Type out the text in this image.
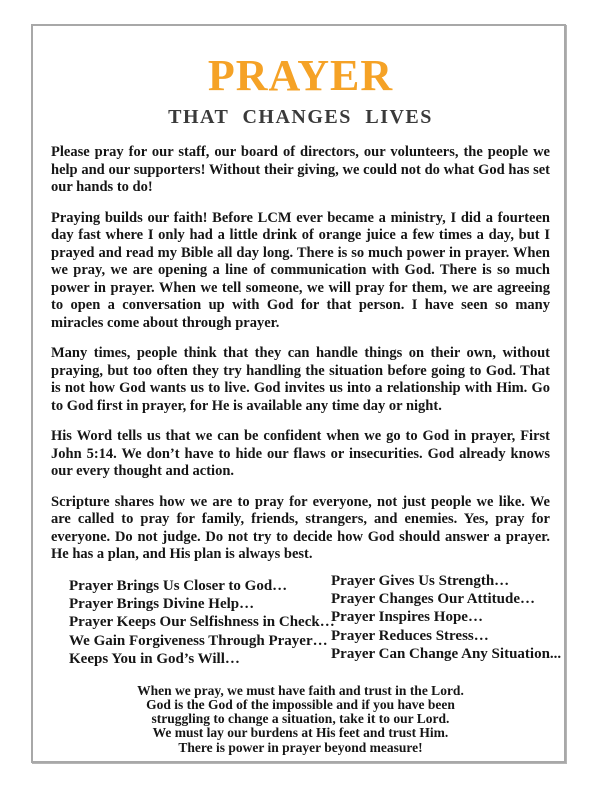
PRAYER
THAT CHANGES LIVES

Please pray for our staff, our board of directors, our volunteers, the people we help and our supporters! Without their giving, we could not do what God has set our hands to do!

Praying builds our faith! Before LCM ever became a ministry, I did a fourteen day fast where I only had a little drink of orange juice a few times a day, but I prayed and read my Bible all day long. There is so much power in prayer. When we pray, we are opening a line of communication with God. There is so much power in prayer. When we tell someone, we will pray for them, we are agreeing to open a conversation up with God for that person. I have seen so many miracles come about through prayer.

Many times, people think that they can handle things on their own, without praying, but too often they try handling the situation before going to God. That is not how God wants us to live. God invites us into a relationship with Him. Go to God first in prayer, for He is available any time day or night.

His Word tells us that we can be confident when we go to God in prayer, First John 5:14. We don’t have to hide our flaws or insecurities. God already knows our every thought and action.

Scripture shares how we are to pray for everyone, not just people we like. We are called to pray for family, friends, strangers, and enemies. Yes, pray for everyone. Do not judge. Do not try to decide how God should answer a prayer. He has a plan, and His plan is always best.

Prayer Brings Us Closer to God…
Prayer Brings Divine Help…
Prayer Keeps Our Selfishness in Check…
We Gain Forgiveness Through Prayer…
Keeps You in God’s Will…
Prayer Gives Us Strength…
Prayer Changes Our Attitude…
Prayer Inspires Hope…
Prayer Reduces Stress…
Prayer Can Change Any Situation...
When we pray, we must have faith and trust in the Lord.
God is the God of the impossible and if you have been
struggling to change a situation, take it to our Lord.
We must lay our burdens at His feet and trust Him.
There is power in prayer beyond measure!
